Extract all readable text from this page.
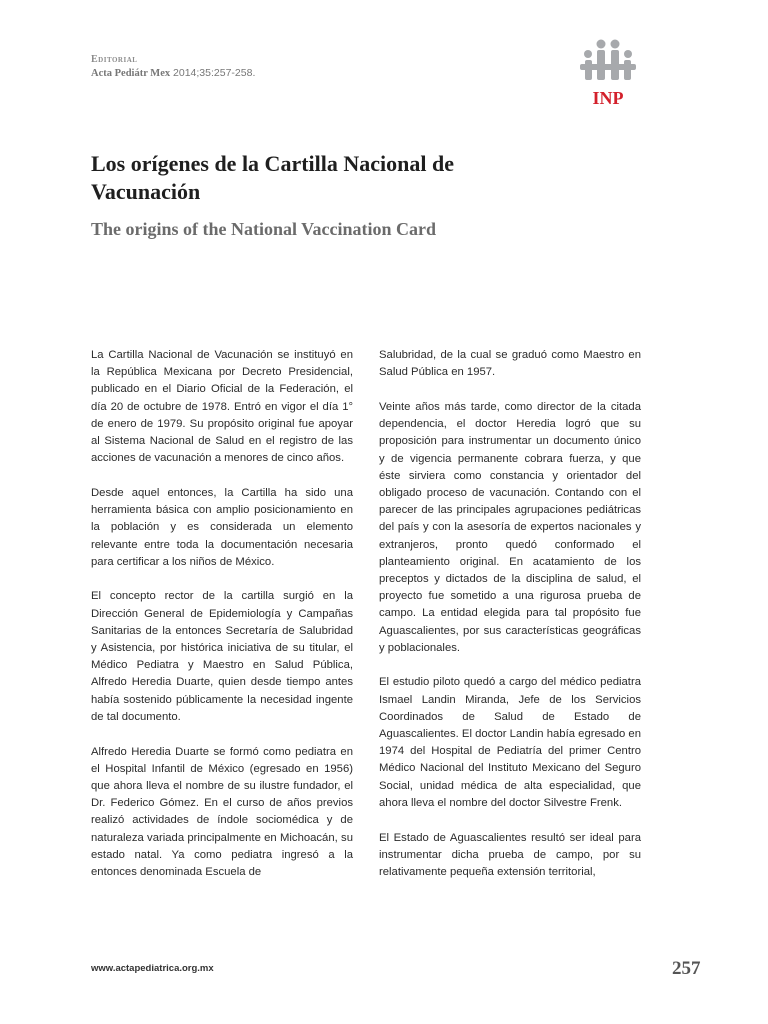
Editorial
Acta Pediátr Mex 2014;35:257-258.
INP
Los orígenes de la Cartilla Nacional de Vacunación
The origins of the National Vaccination Card

La Cartilla Nacional de Vacunación se instituyó en la República Mexicana por Decreto Presidencial, publicado en el Diario Oficial de la Federación, el día 20 de octubre de 1978. Entró en vigor el día 1° de enero de 1979. Su propósito original fue apoyar al Sistema Nacional de Salud en el registro de las acciones de vacunación a menores de cinco años.

Desde aquel entonces, la Cartilla ha sido una herramienta básica con amplio posicionamiento en la población y es considerada un elemento relevante entre toda la documentación necesaria para certificar a los niños de México.

El concepto rector de la cartilla surgió en la Dirección General de Epidemiología y Campañas Sanitarias de la entonces Secretaría de Salubridad y Asistencia, por histórica iniciativa de su titular, el Médico Pediatra y Maestro en Salud Pública, Alfredo Heredia Duarte, quien desde tiempo antes había sostenido públicamente la necesidad ingente de tal documento.

Alfredo Heredia Duarte se formó como pediatra en el Hospital Infantil de México (egresado en 1956) que ahora lleva el nombre de su ilustre fundador, el Dr. Federico Gómez. En el curso de años previos realizó actividades de índole sociomédica y de naturaleza variada principalmente en Michoacán, su estado natal. Ya como pediatra ingresó a la entonces denominada Escuela de

Salubridad, de la cual se graduó como Maestro en Salud Pública en 1957.

Veinte años más tarde, como director de la citada dependencia, el doctor Heredia logró que su proposición para instrumentar un documento único y de vigencia permanente cobrara fuerza, y que éste sirviera como constancia y orientador del obligado proceso de vacunación. Contando con el parecer de las principales agrupaciones pediátricas del país y con la asesoría de expertos nacionales y extranjeros, pronto quedó conformado el planteamiento original. En acatamiento de los preceptos y dictados de la disciplina de salud, el proyecto fue sometido a una rigurosa prueba de campo. La entidad elegida para tal propósito fue Aguascalientes, por sus características geográficas y poblacionales.

El estudio piloto quedó a cargo del médico pediatra Ismael Landin Miranda, Jefe de los Servicios Coordinados de Salud de Estado de Aguascalientes. El doctor Landin había egresado en 1974 del Hospital de Pediatría del primer Centro Médico Nacional del Instituto Mexicano del Seguro Social, unidad médica de alta especialidad, que ahora lleva el nombre del doctor Silvestre Frenk.

El Estado de Aguascalientes resultó ser ideal para instrumentar dicha prueba de campo, por su relativamente pequeña extensión territorial,

www.actapediatrica.org.mx	257
